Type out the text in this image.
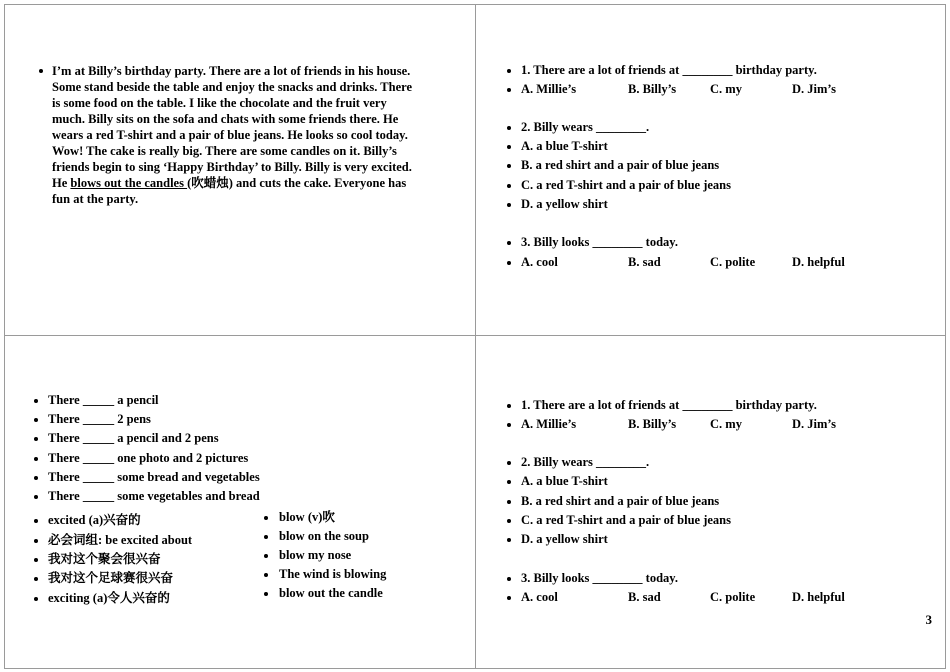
I’m at Billy’s birthday party. There are a lot of friends in his house.
Some stand beside the table and enjoy the snacks and drinks. There
is some food on the table. I like the chocolate and the fruit very
much. Billy sits on the sofa and chats with some friends there. He
wears a red T-shirt and a pair of blue jeans. He looks so cool today.
Wow! The cake is really big. There are some candles on it. Billy’s
friends begin to sing ‘Happy Birthday’ to Billy. Billy is very excited.
He blows out the candles (吹蜡烛) and cuts the cake. Everyone has
fun at the party.
1. There are a lot of friends at ________ birthday party.
A. Millie’s	B. Billy’s	C. my	D. Jim’s
2. Billy wears ________.
A. a blue T-shirt
B. a red shirt and a pair of blue jeans
C. a red T-shirt and a pair of blue jeans
D. a yellow shirt
3. Billy looks ________ today.
A. cool	B. sad	C. polite	D. helpful
There _____ a pencil
There _____ 2 pens
There _____ a pencil and 2 pens
There _____ one photo and 2 pictures
There _____ some bread and vegetables
There _____ some vegetables and bread
excited (a)兴奋的
必会词组: be excited about
我对这个聚会很兴奋
我对这个足球赛很兴奋
exciting (a)令人兴奋的
blow (v)吹
blow on the soup
blow my nose
The wind is blowing
blow out the candle
1. There are a lot of friends at ________ birthday party.
A. Millie’s	B. Billy’s	C. my	D. Jim’s
2. Billy wears ________.
A. a blue T-shirt
B. a red shirt and a pair of blue jeans
C. a red T-shirt and a pair of blue jeans
D. a yellow shirt
3. Billy looks ________ today.
A. cool	B. sad	C. polite	D. helpful
3
